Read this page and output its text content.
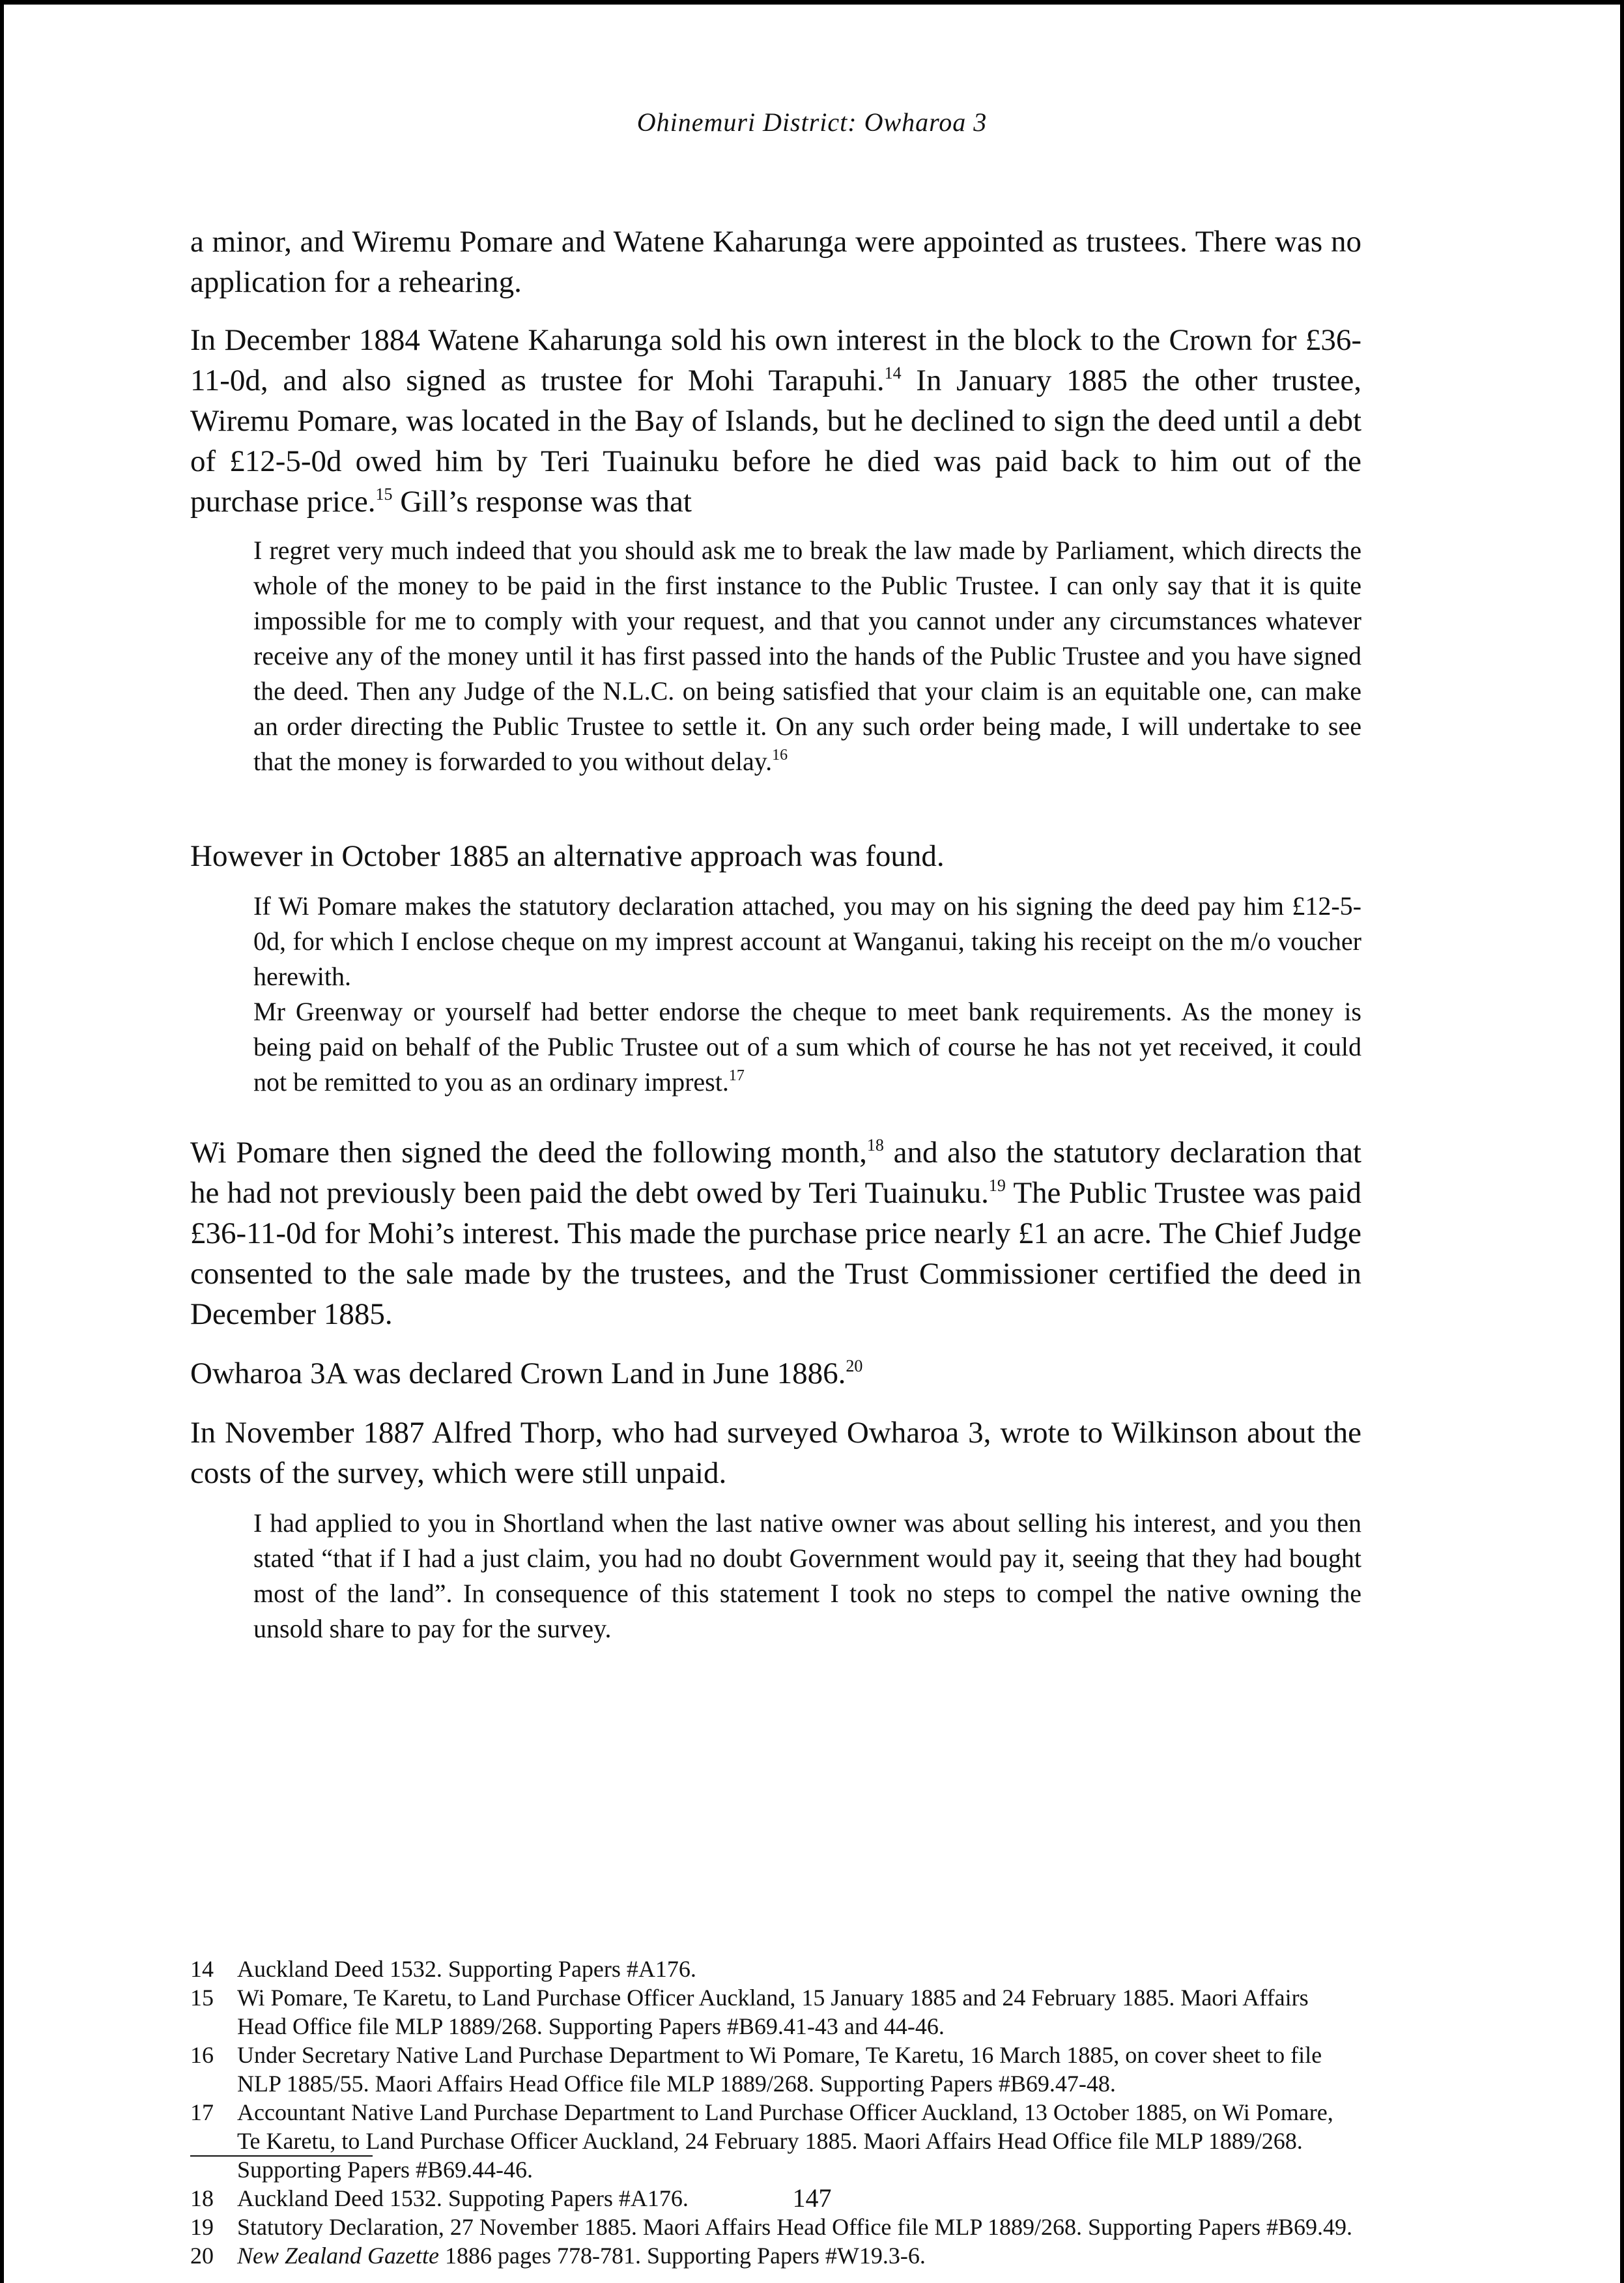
Ohinemuri District: Owharoa 3

a minor, and Wiremu Pomare and Watene Kaharunga were appointed as trustees. There was no application for a rehearing.

In December 1884 Watene Kaharunga sold his own interest in the block to the Crown for £36-11-0d, and also signed as trustee for Mohi Tarapuhi.$^{14}$ In January 1885 the other trustee, Wiremu Pomare, was located in the Bay of Islands, but he declined to sign the deed until a debt of £12-5-0d owed him by Teri Tuainuku before he died was paid back to him out of the purchase price.$^{15}$ Gill’s response was that

I regret very much indeed that you should ask me to break the law made by Parliament, which directs the whole of the money to be paid in the first instance to the Public Trustee. I can only say that it is quite impossible for me to comply with your request, and that you cannot under any circumstances whatever receive any of the money until it has first passed into the hands of the Public Trustee and you have signed the deed. Then any Judge of the N.L.C. on being satisfied that your claim is an equitable one, can make an order directing the Public Trustee to settle it. On any such order being made, I will undertake to see that the money is forwarded to you without delay.$^{16}$

However in October 1885 an alternative approach was found.

If Wi Pomare makes the statutory declaration attached, you may on his signing the deed pay him £12-5-0d, for which I enclose cheque on my imprest account at Wanganui, taking his receipt on the m/o voucher herewith.

Mr Greenway or yourself had better endorse the cheque to meet bank requirements. As the money is being paid on behalf of the Public Trustee out of a sum which of course he has not yet received, it could not be remitted to you as an ordinary imprest.$^{17}$

Wi Pomare then signed the deed the following month,$^{18}$ and also the statutory declaration that he had not previously been paid the debt owed by Teri Tuainuku.$^{19}$ The Public Trustee was paid £36-11-0d for Mohi’s interest. This made the purchase price nearly £1 an acre. The Chief Judge consented to the sale made by the trustees, and the Trust Commissioner certified the deed in December 1885.

Owharoa 3A was declared Crown Land in June 1886.20

In November 1887 Alfred Thorp, who had surveyed Owharoa 3, wrote to Wilkinson about the costs of the survey, which were still unpaid.

I had applied to you in Shortland when the last native owner was about selling his interest, and you then stated “that if I had a just claim, you had no doubt Government would pay it, seeing that they had bought most of the land”. In consequence of this statement I took no steps to compel the native owning the unsold share to pay for the survey.

14	Auckland Deed 1532. Supporting Papers #A176.
15	Wi Pomare, Te Karetu, to Land Purchase Officer Auckland, 15 January 1885 and 24 February 1885. Maori Affairs Head Office file MLP 1889/268. Supporting Papers #B69.41-43 and 44-46.
16	Under Secretary Native Land Purchase Department to Wi Pomare, Te Karetu, 16 March 1885, on cover sheet to file NLP 1885/55. Maori Affairs Head Office file MLP 1889/268. Supporting Papers #B69.47-48.
17	Accountant Native Land Purchase Department to Land Purchase Officer Auckland, 13 October 1885, on Wi Pomare, Te Karetu, to Land Purchase Officer Auckland, 24 February 1885. Maori Affairs Head Office file MLP 1889/268. Supporting Papers #B69.44-46.
18	Auckland Deed 1532. Suppoting Papers #A176.
19	Statutory Declaration, 27 November 1885. Maori Affairs Head Office file MLP 1889/268. Supporting Papers #B69.49.
20	New Zealand Gazette 1886 pages 778-781. Supporting Papers #W19.3-6.
147
